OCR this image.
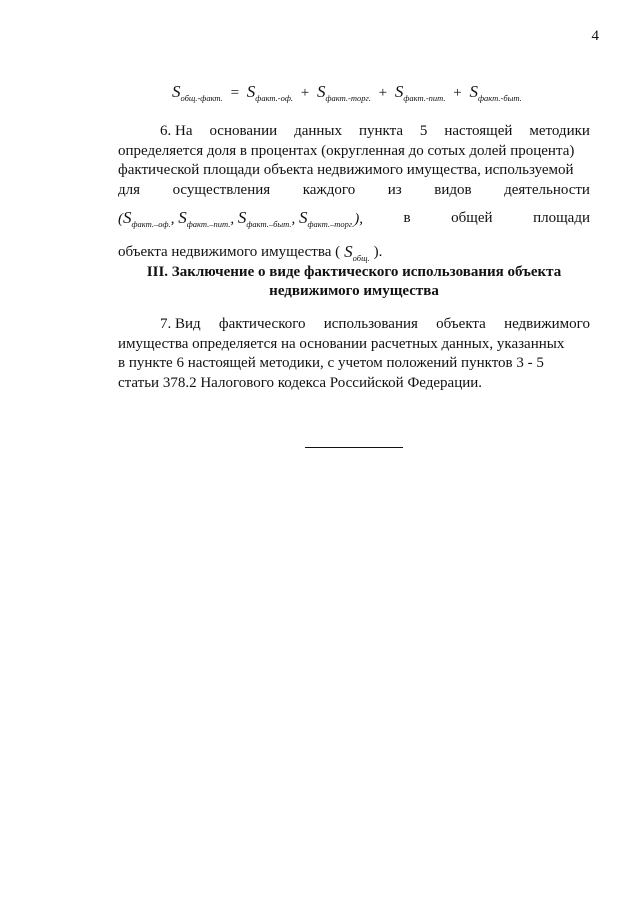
4
$S_{общ.-факт.} = S_{факт.-оф.} + S_{факт.-торг.} + S_{факт.-пит.} + S_{факт.-быт.}$
6. На основании данных пункта 5 настоящей методики
определяется доля в процентах (округленная до сотых долей процента)
фактической площади объекта недвижимого имущества, используемой
для осуществления каждого из видов деятельности
($S_{факт.-оф.}$, $S_{факт.-пит.}$, $S_{факт.-быт.}$, $S_{факт.-торг.}$),	в	общей	площади
объекта недвижимого имущества ( $S_{общ.}$ ).
III. Заключение о виде фактического использования объекта
недвижимого имущества
7. Вид фактического использования объекта недвижимого
имущества определяется на основании расчетных данных, указанных
в пункте 6 настоящей методики, с учетом положений пунктов 3 - 5
статьи 378.2 Налогового кодекса Российской Федерации.
